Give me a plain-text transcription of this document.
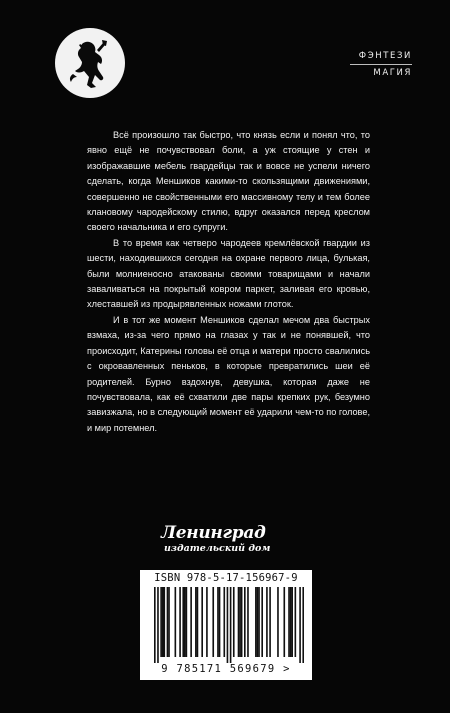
ФЭНТЕЗИ
МАГИЯ

Всё произошло так быстро, что князь если и понял что, то явно ещё не почувствовал боли, а уж стоящие у стен и изображавшие мебель гвардейцы так и вовсе не успели ничего сделать, когда Меншиков какими-то скользящими движениями, совершенно не свойственными его массивному телу и тем более клановому чародейскому стилю, вдруг оказался перед креслом своего начальника и его супруги.

В то время как четверо чародеев кремлёвской гвардии из шести, находившихся сегодня на охране первого лица, булькая, были молниеносно атакованы своими товарищами и начали заваливаться на покрытый ковром паркет, заливая его кровью, хлеставшей из продырявленных ножами глоток.

И в тот же момент Меншиков сделал мечом два быстрых взмаха, из-за чего прямо на глазах у так и не понявшей, что происходит, Катерины головы её отца и матери просто свалились с окровавленных пеньков, в которые превратились шеи её родителей. Бурно вздохнув, девушка, которая даже не почувствовала, как её схватили две пары крепких рук, безумно завизжала, но в следующий момент её ударили чем-то по голове, и мир потемнел.

Ленинград
издательский дом
ISBN 978-5-17-156967-9
9 785171 569679 >
